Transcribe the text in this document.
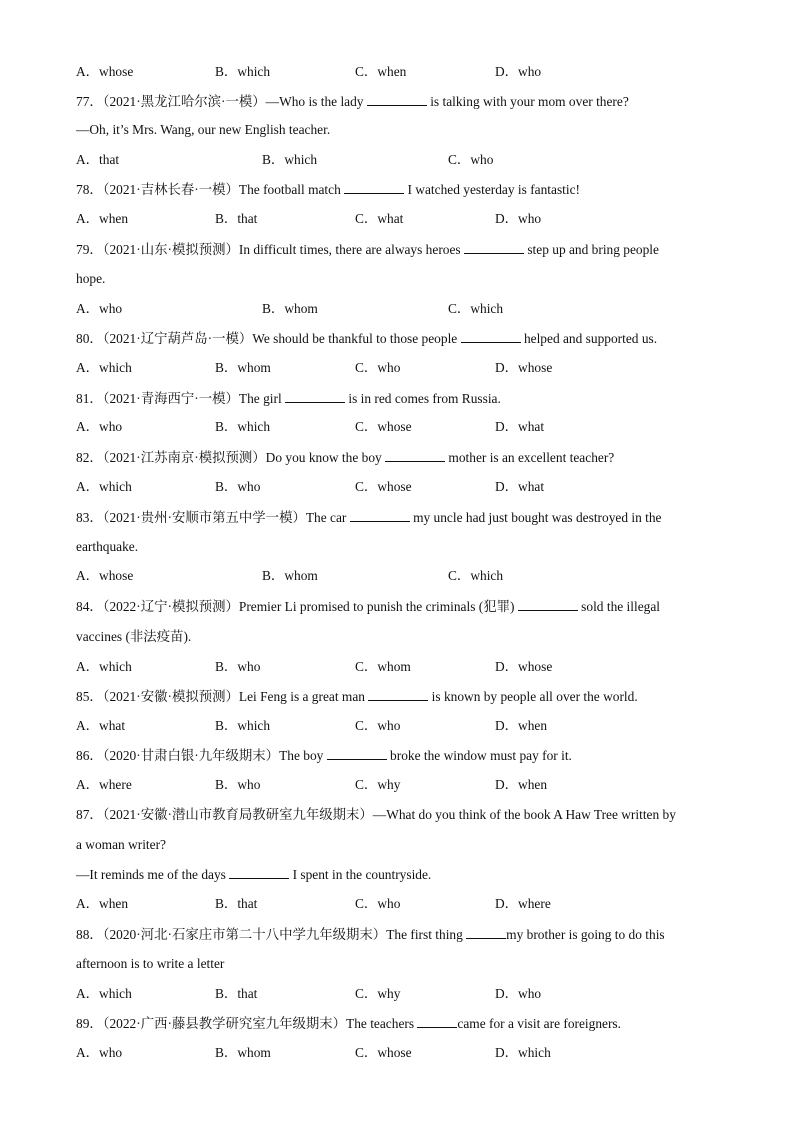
A．whose	B．which	C．when	D．who
77．（2021·黑龙江哈尔滨·一模）—Who is the lady	is talking with your mom over there?
—Oh, it’s Mrs. Wang, our new English teacher.
A．that	B．which	C．who
78．（2021·吉林长春·一模）The football match	I watched yesterday is fantastic!
A．when	B．that	C．what	D．who
79．（2021·山东·模拟预测）In difficult times, there are always heroes	step up and bring people
hope.
A．who	B．whom	C．which
80．（2021·辽宁葫芦岛·一模）We should be thankful to those people	helped and supported us.
A．which	B．whom	C．who	D．whose
81．（2021·青海西宁·一模）The girl	is in red comes from Russia.
A．who	B．which	C．whose	D．what
82．（2021·江苏南京·模拟预测）Do you know the boy	mother is an excellent teacher?
A．which	B．who	C．whose	D．what
83．（2021·贵州·安顺市第五中学一模）The car	my uncle had just bought was destroyed in the
earthquake.
A．whose	B．whom	C．which
84．（2022·辽宁·模拟预测）Premier Li promised to punish the criminals (犯罪)	sold the illegal
vaccines (非法疫苗).
A．which	B．who	C．whom	D．whose
85．（2021·安徽·模拟预测）Lei Feng is a great man	is known by people all over the world.
A．what	B．which	C．who	D．when
86．（2020·甘肃白银·九年级期末）The boy	broke the window must pay for it.
A．where	B．who	C．why	D．when
87．（2021·安徽·潜山市教育局教研室九年级期末）—What do you think of the book A Haw Tree written by
a woman writer?
—It reminds me of the days	I spent in the countryside.
A．when	B．that	C．who	D．where
88．（2020·河北·石家庄市第二十八中学九年级期末）The first thing	my brother is going to do this
afternoon is to write a letter
A．which	B．that	C．why	D．who
89．（2022·广西·藤县教学研究室九年级期末）The teachers	came for a visit are foreigners.
A．who	B．whom	C．whose	D．which
